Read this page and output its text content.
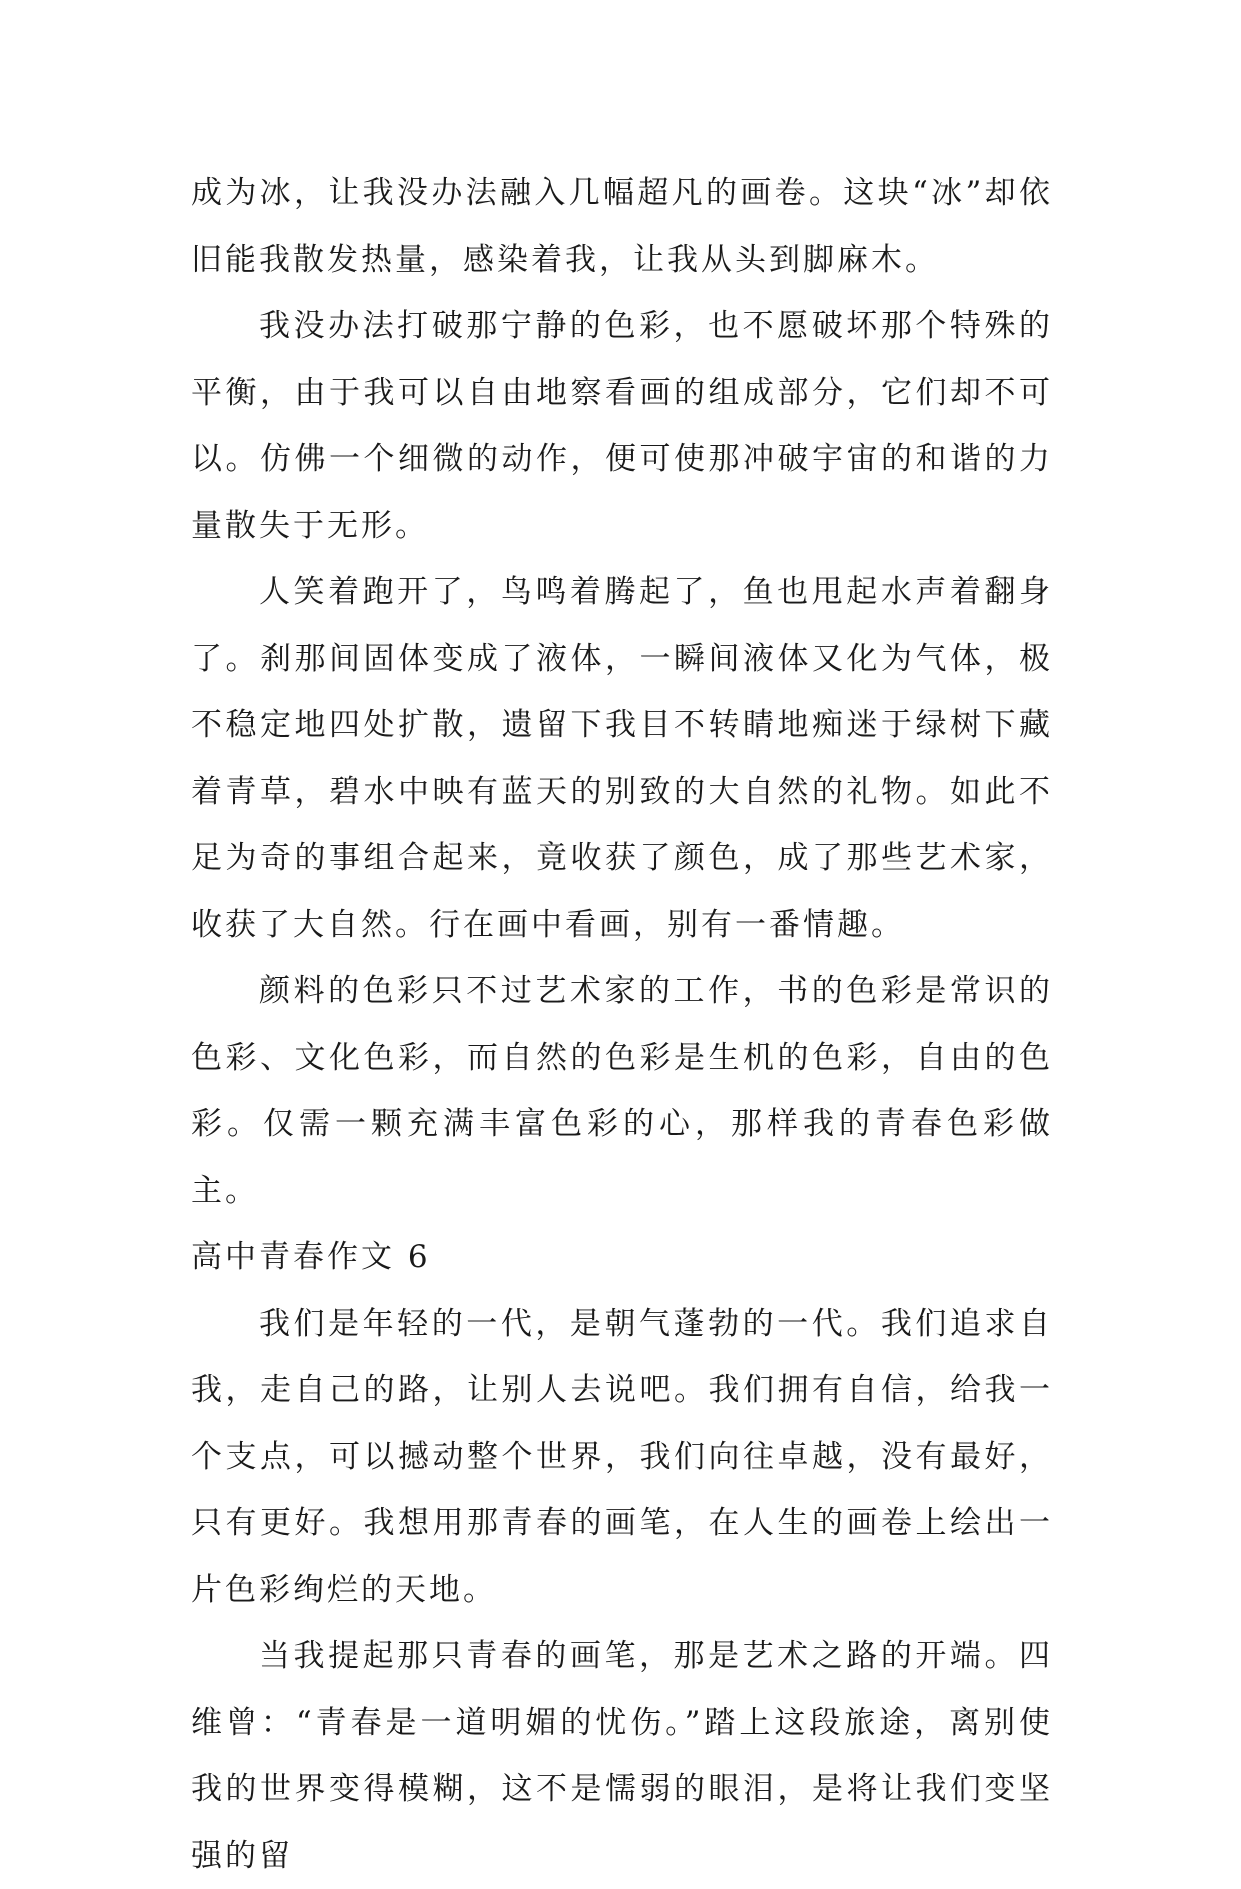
成为冰，让我没办法融入几幅超凡的画卷。这块“冰”却依旧能我散发热量，感染着我，让我从头到脚麻木。

我没办法打破那宁静的色彩，也不愿破坏那个特殊的平衡，由于我可以自由地察看画的组成部分，它们却不可以。仿佛一个细微的动作，便可使那冲破宇宙的和谐的力量散失于无形。

人笑着跑开了，鸟鸣着腾起了，鱼也甩起水声着翻身了。刹那间固体变成了液体，一瞬间液体又化为气体，极不稳定地四处扩散，遗留下我目不转睛地痴迷于绿树下藏着青草，碧水中映有蓝天的别致的大自然的礼物。如此不足为奇的事组合起来，竟收获了颜色，成了那些艺术家，收获了大自然。行在画中看画，别有一番情趣。

颜料的色彩只不过艺术家的工作，书的色彩是常识的色彩、文化色彩，而自然的色彩是生机的色彩，自由的色彩。仅需一颗充满丰富色彩的心，那样我的青春色彩做主。

高中青春作文 6

我们是年轻的一代，是朝气蓬勃的一代。我们追求自我，走自己的路，让别人去说吧。我们拥有自信，给我一个支点，可以撼动整个世界，我们向往卓越，没有最好，只有更好。我想用那青春的画笔，在人生的画卷上绘出一片色彩绚烂的天地。

当我提起那只青春的画笔，那是艺术之路的开端。四维曾：“青春是一道明媚的忧伤。”踏上这段旅途，离别使我的世界变得模糊，这不是懦弱的眼泪，是将让我们变坚强的留
